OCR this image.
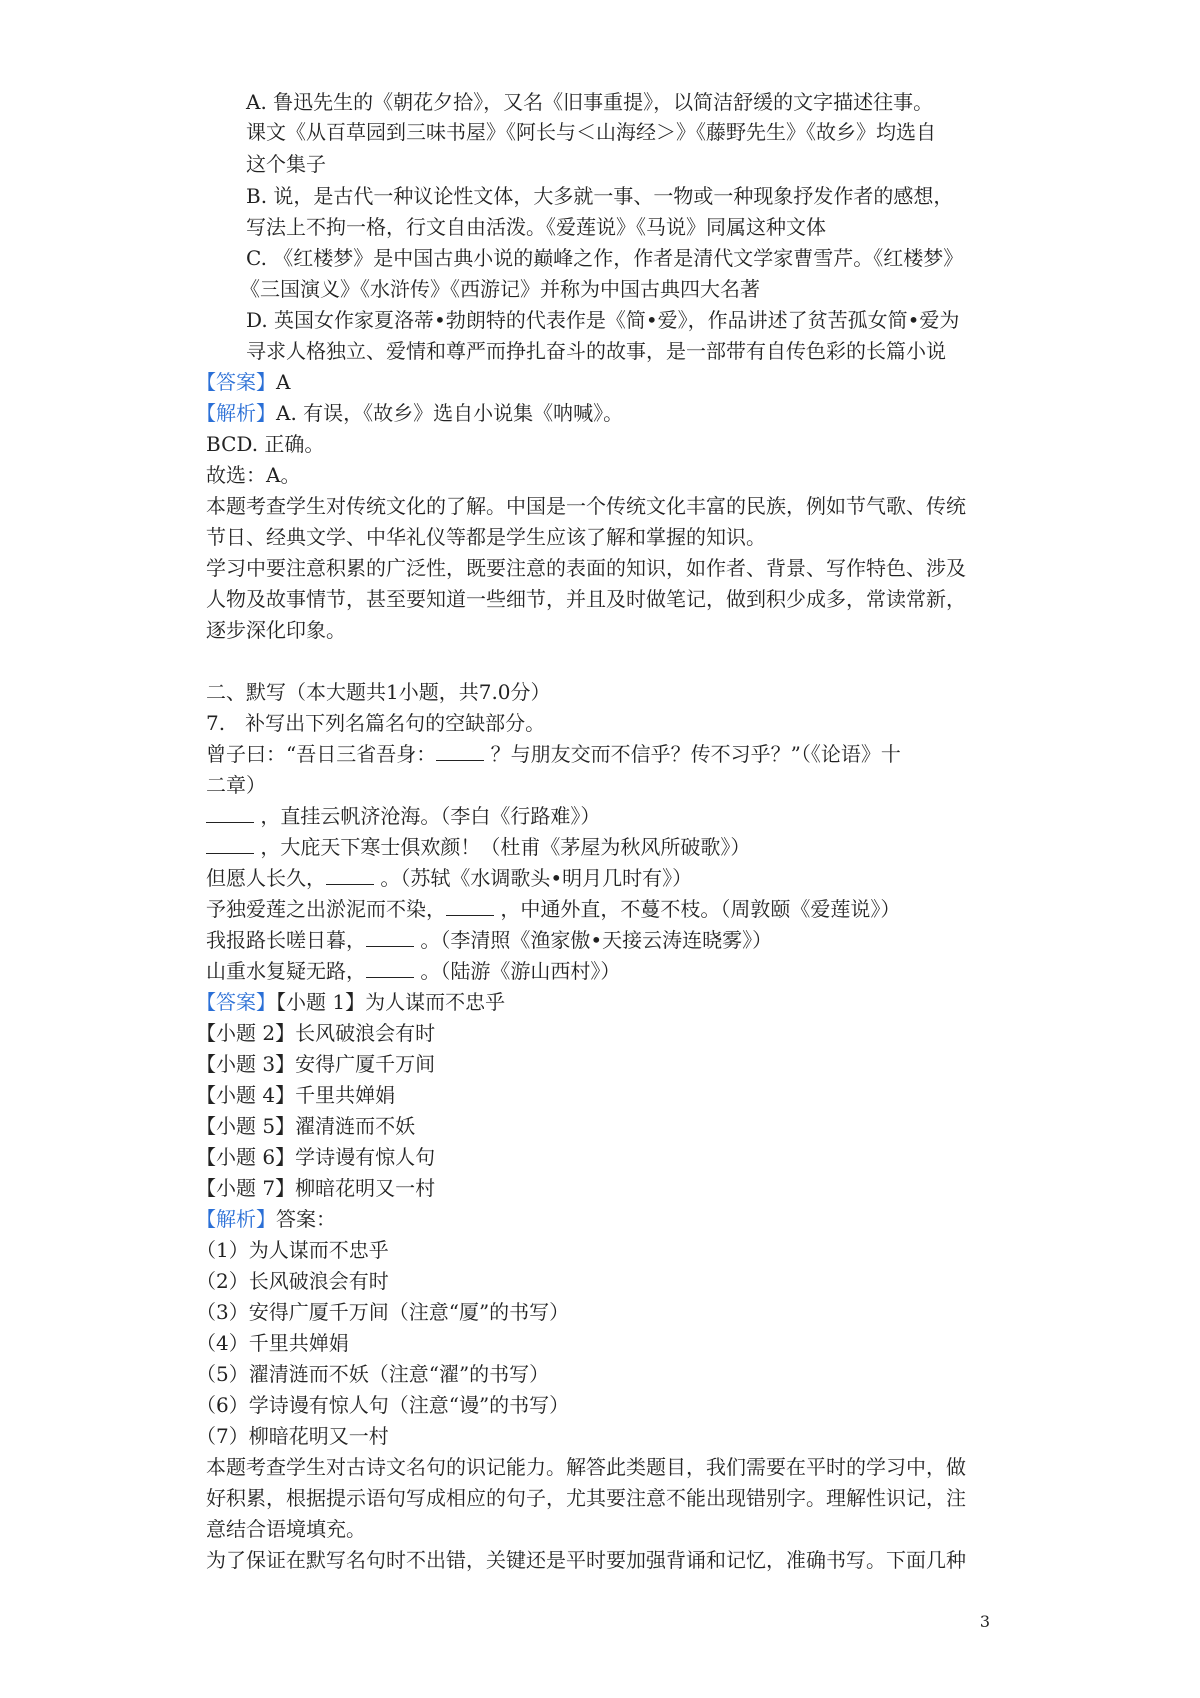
A. 鲁迅先生的《朝花夕拾》，又名《旧事重提》，以简洁舒缓的文字描述往事。
课文《从百草园到三味书屋》《阿长与＜山海经＞》《藤野先生》《故乡》均选自
这个集子
B. 说，是古代一种议论性文体，大多就一事、一物或一种现象抒发作者的感想，
写法上不拘一格，行文自由活泼。《爱莲说》《马说》同属这种文体
C. 《红楼梦》是中国古典小说的巅峰之作，作者是清代文学家曹雪芹。《红楼梦》
《三国演义》《水浒传》《西游记》并称为中国古典四大名著
D. 英国女作家夏洛蒂•勃朗特的代表作是《简•爱》，作品讲述了贫苦孤女简•爱为
寻求人格独立、爱情和尊严而挣扎奋斗的故事，是一部带有自传色彩的长篇小说
【答案】A
【解析】A. 有误，《故乡》选自小说集《呐喊》。
BCD. 正确。
故选：A。
本题考查学生对传统文化的了解。中国是一个传统文化丰富的民族，例如节气歌、传统
节日、经典文学、中华礼仪等都是学生应该了解和掌握的知识。
学习中要注意积累的广泛性，既要注意的表面的知识，如作者、背景、写作特色、涉及
人物及故事情节，甚至要知道一些细节，并且及时做笔记，做到积少成多，常读常新，
逐步深化印象。
二、默写（本大题共1小题，共7.0分）
7.　补写出下列名篇名句的空缺部分。
曾子曰：“吾日三省吾身：	？与朋友交而不信乎？传不习乎？”（《论语》十
二章）
，直挂云帆济沧海。（李白《行路难》）
，大庇天下寒士俱欢颜！（杜甫《茅屋为秋风所破歌》）
但愿人长久，	。（苏轼《水调歌头•明月几时有》）
予独爱莲之出淤泥而不染，	，中通外直，不蔓不枝。（周敦颐《爱莲说》）
我报路长嗟日暮，	。（李清照《渔家傲•天接云涛连晓雾》）
山重水复疑无路，	。（陆游《游山西村》）
【答案】【小题 1】为人谋而不忠乎
【小题 2】长风破浪会有时
【小题 3】安得广厦千万间
【小题 4】千里共婵娟
【小题 5】濯清涟而不妖
【小题 6】学诗谩有惊人句
【小题 7】柳暗花明又一村
【解析】答案：
（1）为人谋而不忠乎
（2）长风破浪会有时
（3）安得广厦千万间（注意“厦”的书写）
（4）千里共婵娟
（5）濯清涟而不妖（注意“濯”的书写）
（6）学诗谩有惊人句（注意“谩”的书写）
（7）柳暗花明又一村
本题考查学生对古诗文名句的识记能力。解答此类题目，我们需要在平时的学习中，做
好积累，根据提示语句写成相应的句子，尤其要注意不能出现错别字。理解性识记，注
意结合语境填充。
为了保证在默写名句时不出错，关键还是平时要加强背诵和记忆，准确书写。下面几种
3
